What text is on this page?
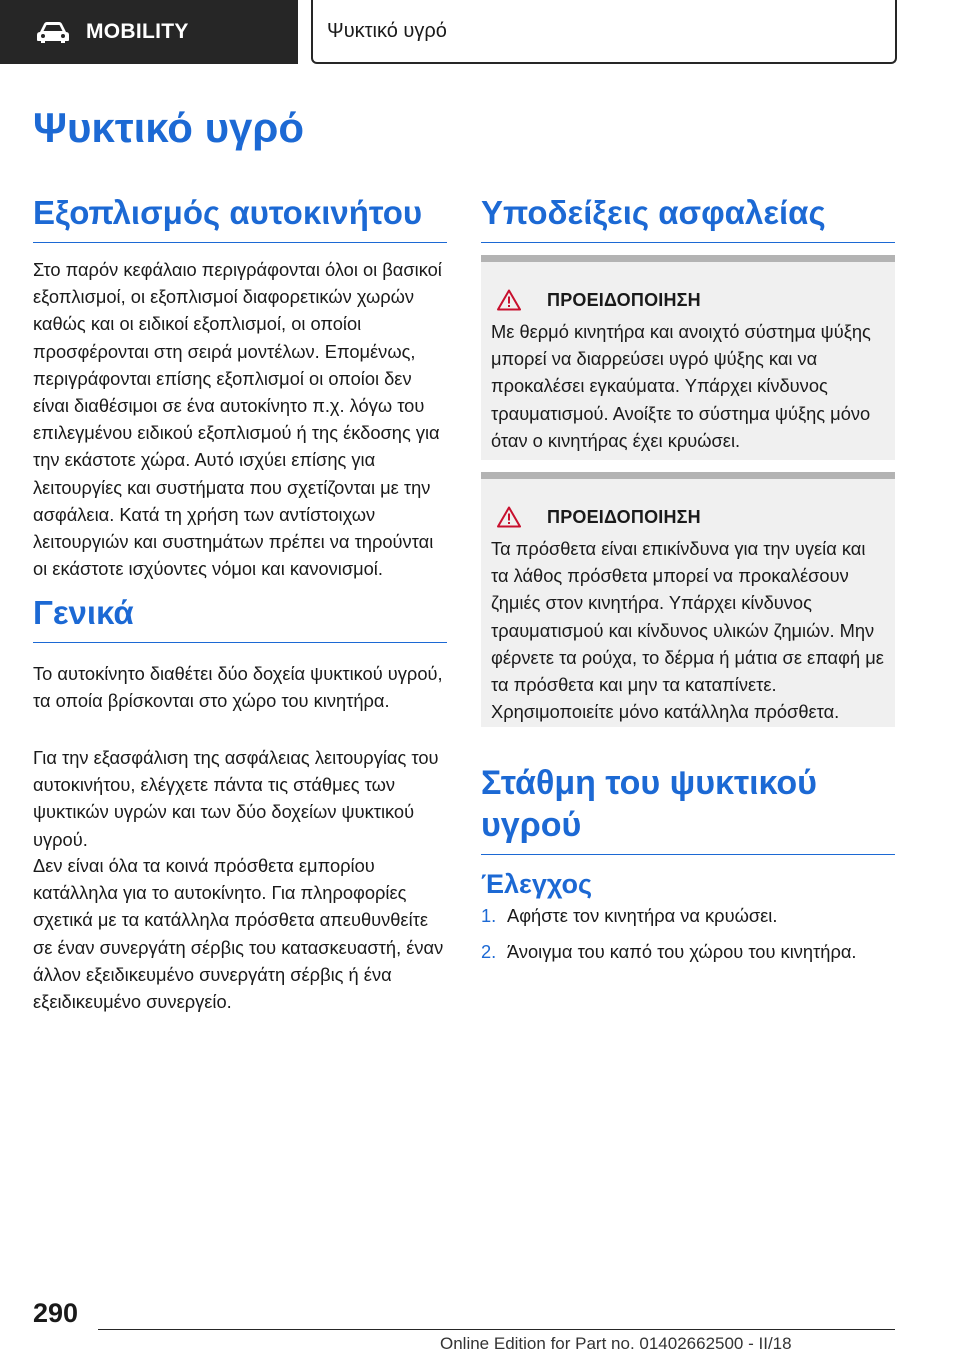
MOBILITY	Ψυκτικό υγρό
Ψυκτικό υγρό
Εξοπλισμός αυτοκινήτου

Στο παρόν κεφάλαιο περιγράφονται όλοι οι βασικοί εξοπλισμοί, οι εξοπλισμοί διαφορετικών χωρών καθώς και οι ειδικοί εξοπλισμοί, οι οποίοι προσφέρονται στη σειρά μοντέλων. Επομένως, περιγράφονται επίσης εξοπλισμοί οι οποίοι δεν είναι διαθέσιμοι σε ένα αυτοκίνητο π.χ. λόγω του επιλεγμένου ειδικού εξοπλισμού ή της έκδοσης για την εκάστοτε χώρα. Αυτό ισχύει επίσης για λειτουργίες και συστήματα που σχετίζονται με την ασφάλεια. Κατά τη χρήση των αντίστοιχων λειτουργιών και συστημάτων πρέπει να τηρούνται οι εκάστοτε ισχύοντες νόμοι και κανονισμοί.

Γενικά

Το αυτοκίνητο διαθέτει δύο δοχεία ψυκτικού υγρού, τα οποία βρίσκονται στο χώρο του κινητήρα.

Για την εξασφάλιση της ασφάλειας λειτουργίας του αυτοκινήτου, ελέγχετε πάντα τις στάθμες των ψυκτικών υγρών και των δύο δοχείων ψυκτικού υγρού.

Δεν είναι όλα τα κοινά πρόσθετα εμπορίου κατάλληλα για το αυτοκίνητο. Για πληροφορίες σχετικά με τα κατάλληλα πρόσθετα απευθυνθείτε σε έναν συνεργάτη σέρβις του κατασκευαστή, έναν άλλον εξειδικευμένο συνεργάτη σέρβις ή ένα εξειδικευμένο συνεργείο.

Υποδείξεις ασφαλείας
ΠΡΟΕΙΔΟΠΟΙΗΣΗ

Με θερμό κινητήρα και ανοιχτό σύστημα ψύξης μπορεί να διαρρεύσει υγρό ψύξης και να προκαλέσει εγκαύματα. Υπάρχει κίνδυνος τραυματισμού. Ανοίξτε το σύστημα ψύξης μόνο όταν ο κινητήρας έχει κρυώσει.

ΠΡΟΕΙΔΟΠΟΙΗΣΗ

Τα πρόσθετα είναι επικίνδυνα για την υγεία και τα λάθος πρόσθετα μπορεί να προκαλέσουν ζημιές στον κινητήρα. Υπάρχει κίνδυνος τραυματισμού και κίνδυνος υλικών ζημιών. Μην φέρνετε τα ρούχα, το δέρμα ή μάτια σε επαφή με τα πρόσθετα και μην τα καταπίνετε. Χρησιμοποιείτε μόνο κατάλληλα πρόσθετα.

Στάθμη του ψυκτικού υγρού
Έλεγχος
1. Αφήστε τον κινητήρα να κρυώσει.
2. Άνοιγμα του καπό του χώρου του κινητήρα.
290
Online Edition for Part no. 01402662500 - II/18
